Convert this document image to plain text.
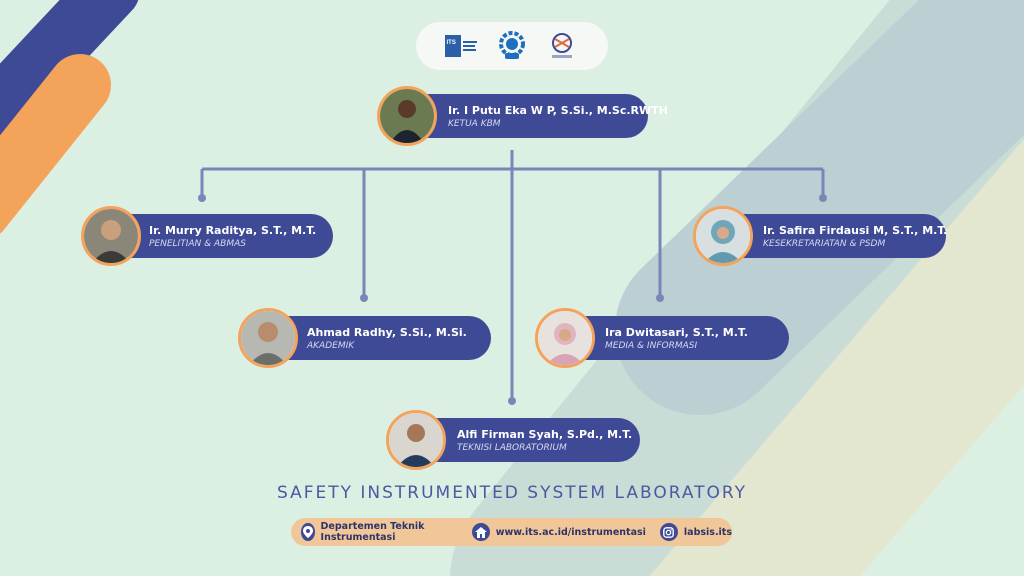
ITS
Ir. I Putu Eka W P, S.Si., M.Sc.RWTH
KETUA KBM
Ir. Murry Raditya, S.T., M.T.
PENELITIAN & ABMAS
Ahmad Radhy, S.Si., M.Si.
AKADEMIK
Alfi Firman Syah, S.Pd., M.T.
TEKNISI LABORATORIUM
Ira Dwitasari, S.T., M.T.
MEDIA & INFORMASI
Ir. Safira Firdausi M, S.T., M.T.
KESEKRETARIATAN & PSDM
SAFETY INSTRUMENTED SYSTEM LABORATORY
Departemen Teknik Instrumentasi	www.its.ac.id/instrumentasi	labsis.its
